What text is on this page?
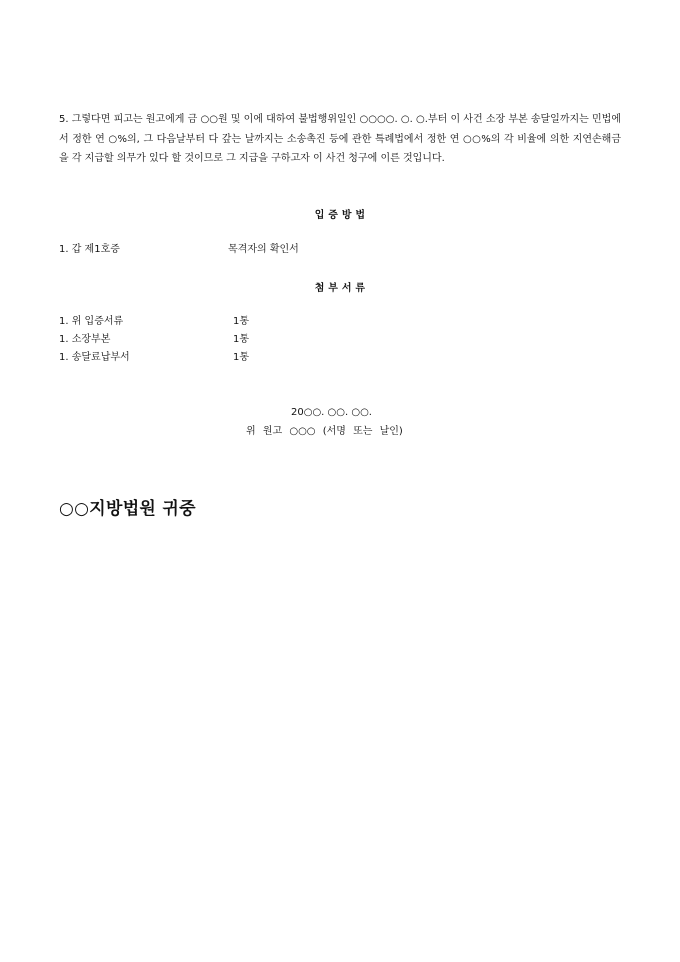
5. 그렇다면 피고는 원고에게 금 ○○원 및 이에 대하여 불법행위일인 ○○○○. ○. ○.부터 이 사건 소장 부본 송달일까지는 민법에서 정한 연 ○%의, 그 다음날부터 다 갚는 날까지는 소송촉진 등에 관한 특례법에서 정한 연 ○○%의 각 비율에 의한 지연손해금을 각 지급할 의무가 있다 할 것이므로 그 지급을 구하고자 이 사건 청구에 이른 것입니다.
입 증 방 법
1. 갑 제1호증	목격자의 확인서
첨 부 서 류
1. 위 입증서류	1통
1. 소장부본	1통
1. 송달료납부서	1통
20○○. ○○. ○○.
위 원고 ○○○ (서명 또는 날인)
○○지방법원 귀중
